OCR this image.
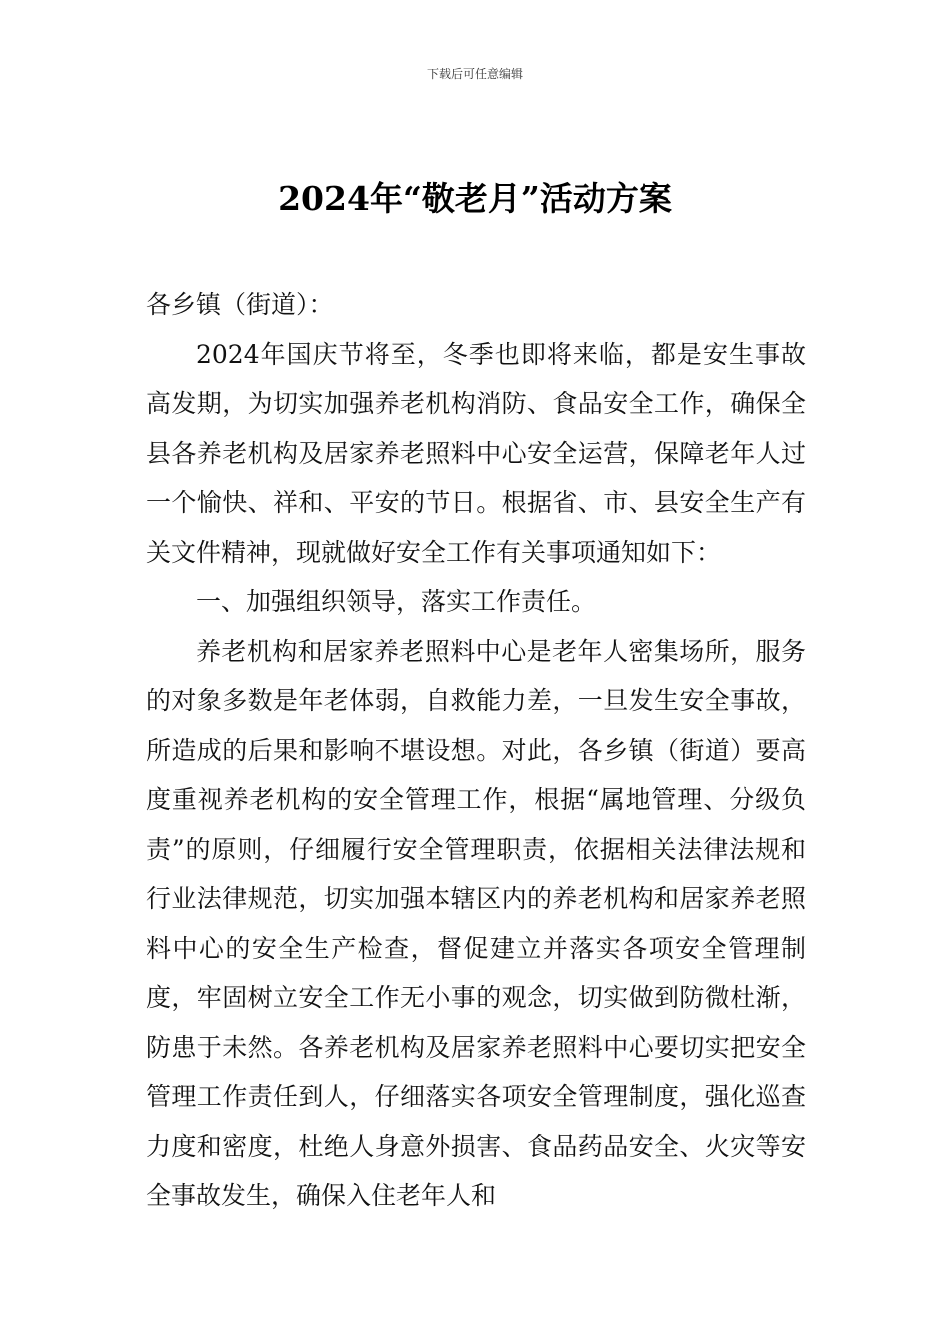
下载后可任意编辑
2024年“敬老月”活动方案

各乡镇（街道）：

2024年国庆节将至，冬季也即将来临，都是安生事故高发期，为切实加强养老机构消防、食品安全工作，确保全县各养老机构及居家养老照料中心安全运营，保障老年人过一个愉快、祥和、平安的节日。根据省、市、县安全生产有关文件精神，现就做好安全工作有关事项通知如下：

一、加强组织领导，落实工作责任。

养老机构和居家养老照料中心是老年人密集场所，服务的对象多数是年老体弱，自救能力差，一旦发生安全事故，所造成的后果和影响不堪设想。对此，各乡镇（街道）要高度重视养老机构的安全管理工作，根据“属地管理、分级负责”的原则，仔细履行安全管理职责，依据相关法律法规和行业法律规范，切实加强本辖区内的养老机构和居家养老照料中心的安全生产检查，督促建立并落实各项安全管理制度，牢固树立安全工作无小事的观念，切实做到防微杜渐，防患于未然。各养老机构及居家养老照料中心要切实把安全管理工作责任到人，仔细落实各项安全管理制度，强化巡查力度和密度，杜绝人身意外损害、食品药品安全、火灾等安全事故发生，确保入住老年人和
